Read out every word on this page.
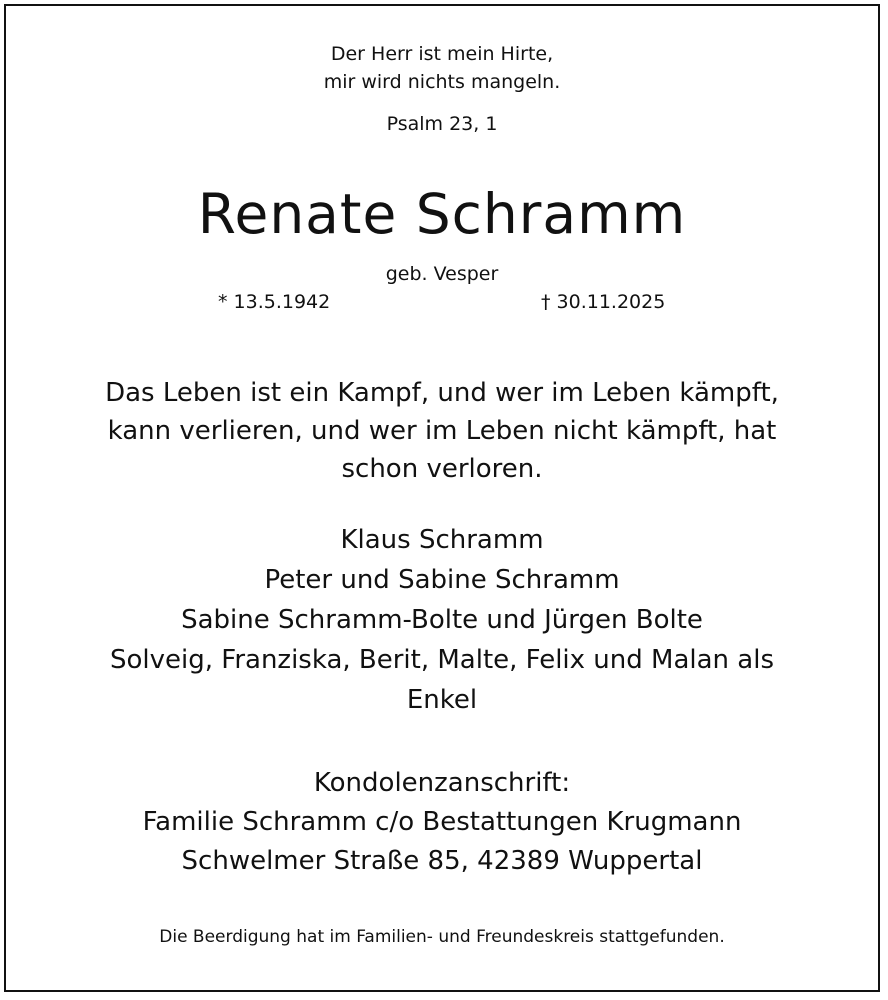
Der Herr ist mein Hirte,
mir wird nichts mangeln.
Psalm 23, 1
Renate Schramm
geb. Vesper
* 13.5.1942	† 30.11.2025
Das Leben ist ein Kampf, und wer im Leben kämpft,
kann verlieren, und wer im Leben nicht kämpft, hat
schon verloren.
Klaus Schramm
Peter und Sabine Schramm
Sabine Schramm-Bolte und Jürgen Bolte
Solveig, Franziska, Berit, Malte, Felix und Malan als
Enkel
Kondolenzanschrift:
Familie Schramm c/o Bestattungen Krugmann
Schwelmer Straße 85, 42389 Wuppertal
Die Beerdigung hat im Familien- und Freundeskreis stattgefunden.
